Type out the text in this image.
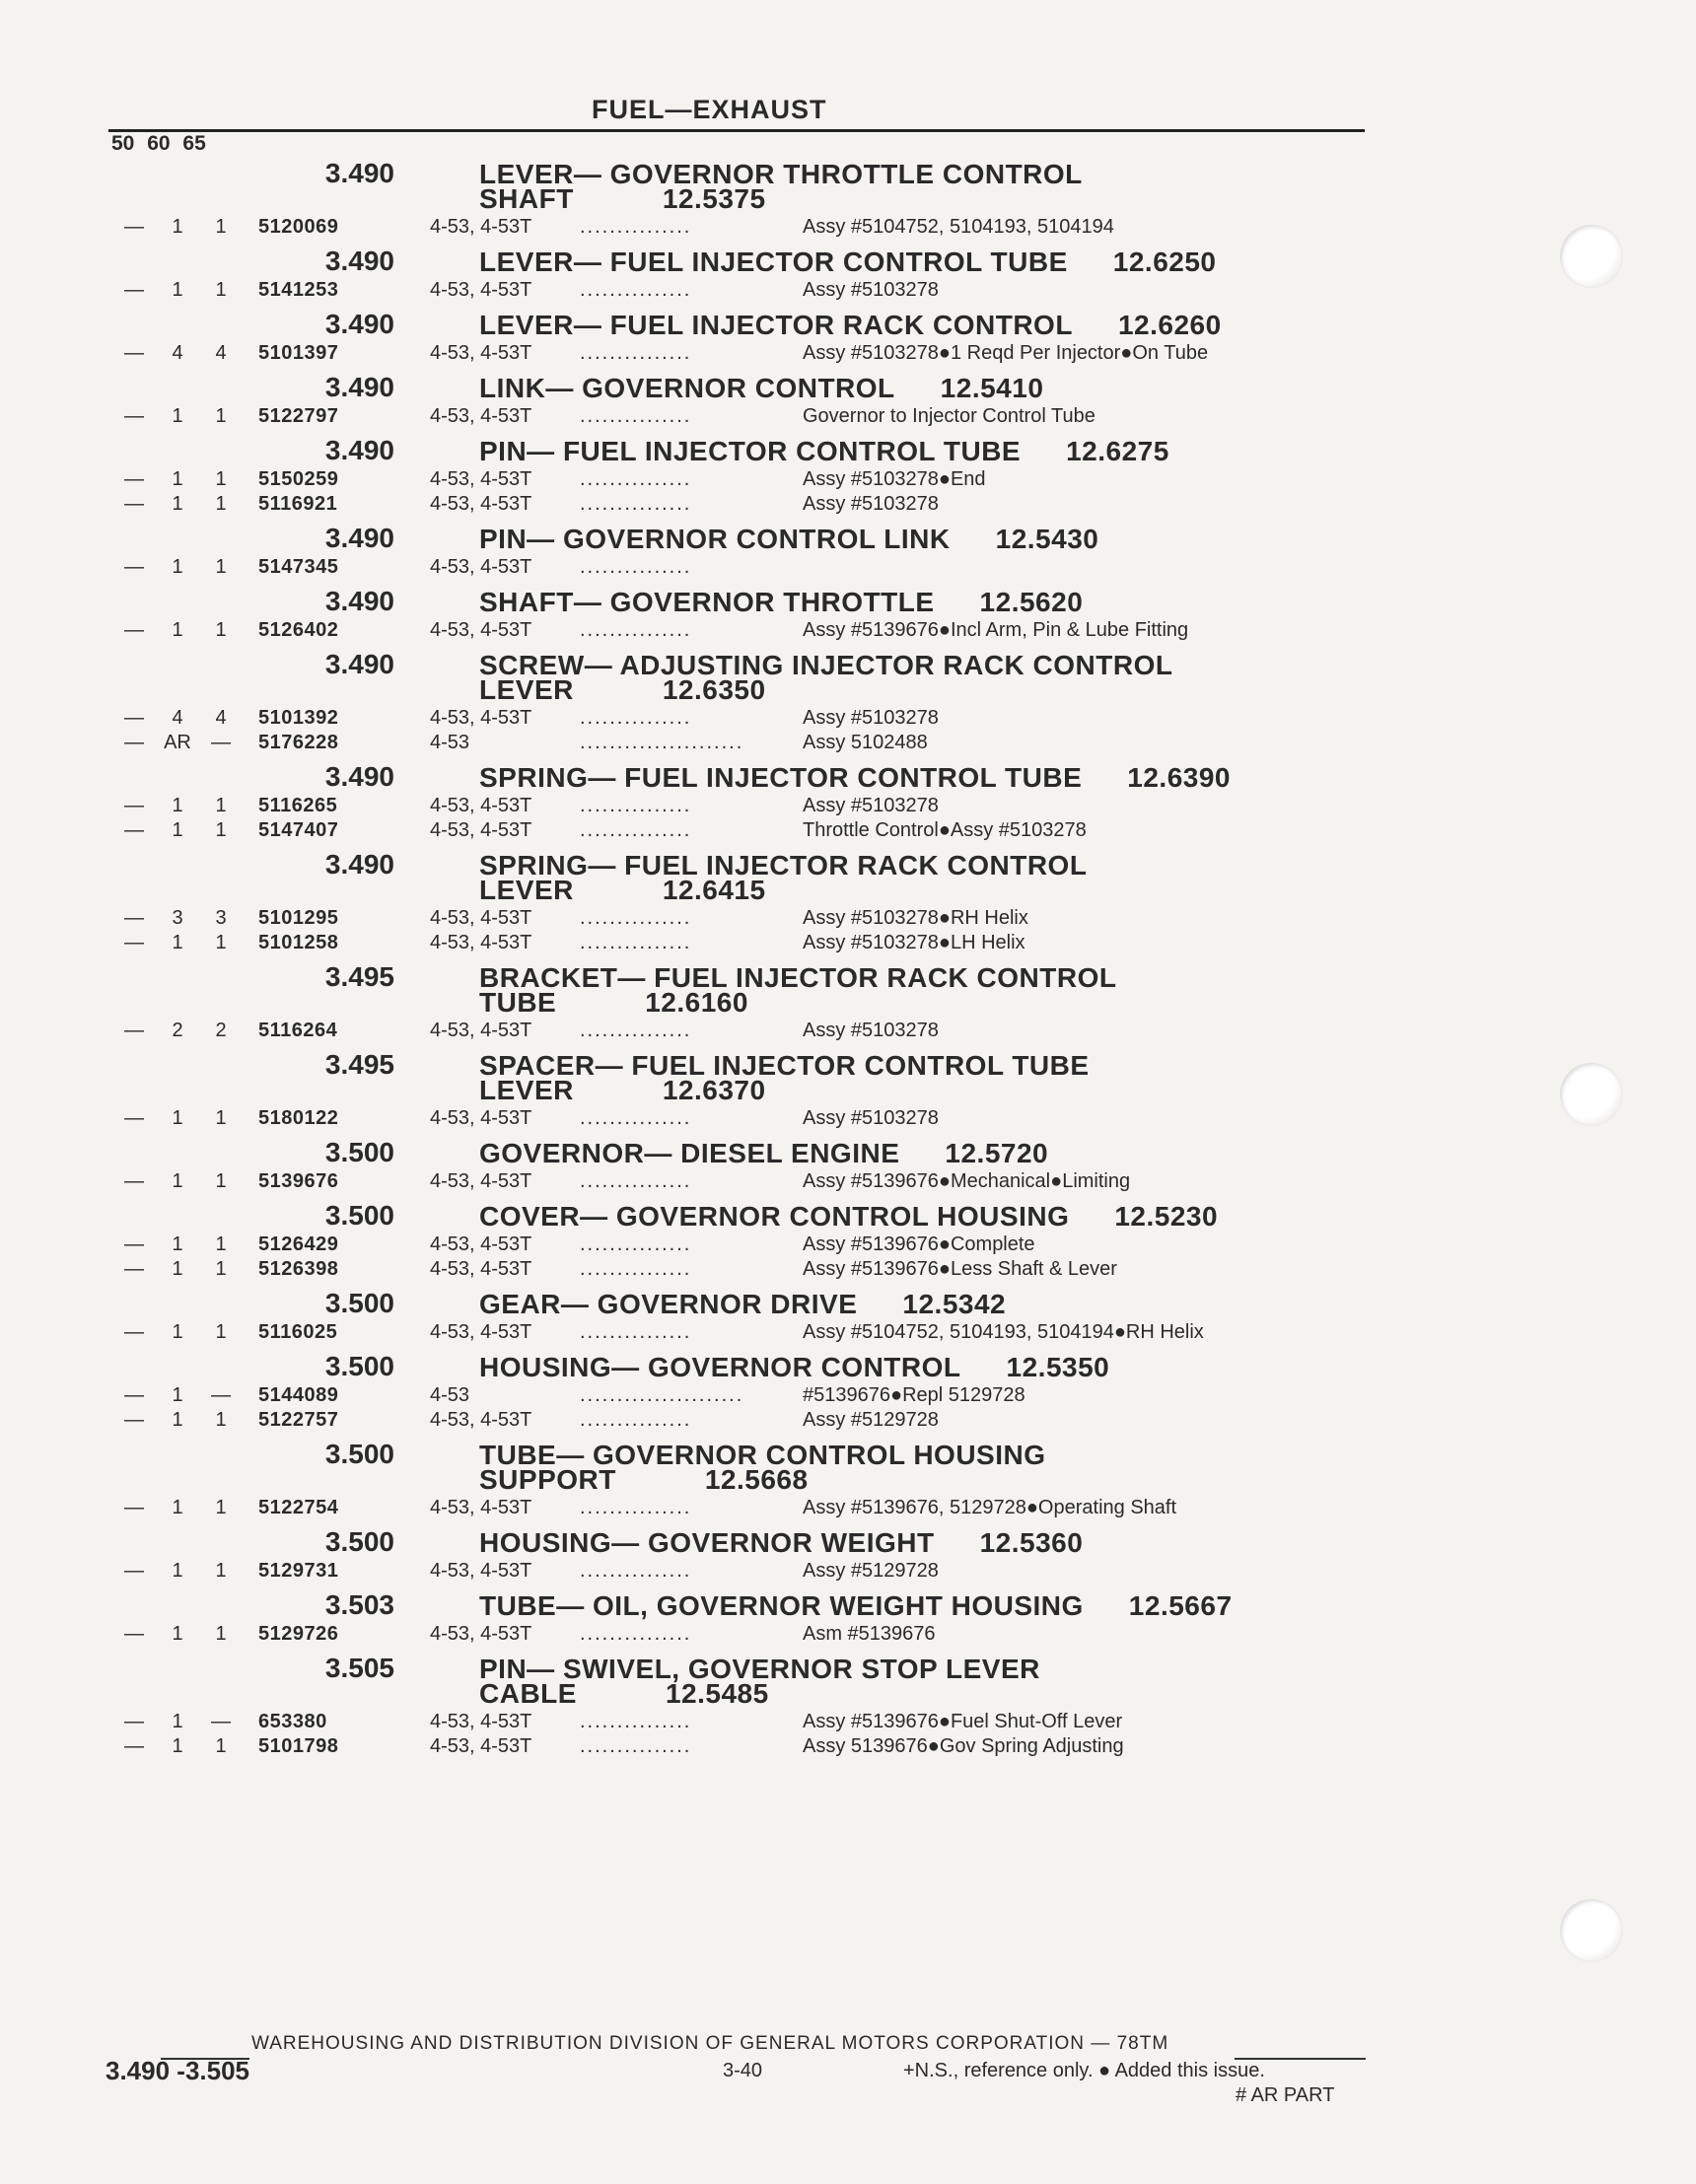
FUEL—EXHAUST
50 60 65
3.490	LEVER— GOVERNOR THROTTLE CONTROL
SHAFT	12.5375
—	1	1	5120069	4-53, 4-53T	...............	Assy #5104752, 5104193, 5104194
3.490	LEVER— FUEL INJECTOR CONTROL TUBE 12.6250
—	1	1	5141253	4-53, 4-53T	...............	Assy #5103278
3.490	LEVER— FUEL INJECTOR RACK CONTROL 12.6260
—	4	4	5101397	4-53, 4-53T	...............	Assy #5103278●1 Reqd Per Injector●On Tube
3.490	LINK— GOVERNOR CONTROL 12.5410
—	1	1	5122797	4-53, 4-53T	...............	Governor to Injector Control Tube
3.490	PIN— FUEL INJECTOR CONTROL TUBE 12.6275
—	1	1	5150259	4-53, 4-53T	...............	Assy #5103278●End
—	1	1	5116921	4-53, 4-53T	...............	Assy #5103278
3.490	PIN— GOVERNOR CONTROL LINK 12.5430
—	1	1	5147345	4-53, 4-53T	...............
3.490	SHAFT— GOVERNOR THROTTLE 12.5620
—	1	1	5126402	4-53, 4-53T	...............	Assy #5139676●Incl Arm, Pin & Lube Fitting
3.490	SCREW— ADJUSTING INJECTOR RACK CONTROL
LEVER	12.6350
—	4	4	5101392	4-53, 4-53T	...............	Assy #5103278
—	AR	—	5176228	4-53	......................	Assy 5102488
3.490	SPRING— FUEL INJECTOR CONTROL TUBE 12.6390
—	1	1	5116265	4-53, 4-53T	...............	Assy #5103278
—	1	1	5147407	4-53, 4-53T	...............	Throttle Control●Assy #5103278
3.490	SPRING— FUEL INJECTOR RACK CONTROL
LEVER	12.6415
—	3	3	5101295	4-53, 4-53T	...............	Assy #5103278●RH Helix
—	1	1	5101258	4-53, 4-53T	...............	Assy #5103278●LH Helix
3.495	BRACKET— FUEL INJECTOR RACK CONTROL
TUBE	12.6160
—	2	2	5116264	4-53, 4-53T	...............	Assy #5103278
3.495	SPACER— FUEL INJECTOR CONTROL TUBE
LEVER	12.6370
—	1	1	5180122	4-53, 4-53T	...............	Assy #5103278
3.500	GOVERNOR— DIESEL ENGINE 12.5720
—	1	1	5139676	4-53, 4-53T	...............	Assy #5139676●Mechanical●Limiting
3.500	COVER— GOVERNOR CONTROL HOUSING 12.5230
—	1	1	5126429	4-53, 4-53T	...............	Assy #5139676●Complete
—	1	1	5126398	4-53, 4-53T	...............	Assy #5139676●Less Shaft & Lever
3.500	GEAR— GOVERNOR DRIVE 12.5342
—	1	1	5116025	4-53, 4-53T	...............	Assy #5104752, 5104193, 5104194●RH Helix
3.500	HOUSING— GOVERNOR CONTROL 12.5350
—	1	—	5144089	4-53	......................	#5139676●Repl 5129728
—	1	1	5122757	4-53, 4-53T	...............	Assy #5129728
3.500	TUBE— GOVERNOR CONTROL HOUSING
SUPPORT	12.5668
—	1	1	5122754	4-53, 4-53T	...............	Assy #5139676, 5129728●Operating Shaft
3.500	HOUSING— GOVERNOR WEIGHT 12.5360
—	1	1	5129731	4-53, 4-53T	...............	Assy #5129728
3.503	TUBE— OIL, GOVERNOR WEIGHT HOUSING 12.5667
—	1	1	5129726	4-53, 4-53T	...............	Asm #5139676
3.505	PIN— SWIVEL, GOVERNOR STOP LEVER
CABLE	12.5485
—	1	—	653380	4-53, 4-53T	...............	Assy #5139676●Fuel Shut-Off Lever
—	1	1	5101798	4-53, 4-53T	...............	Assy 5139676●Gov Spring Adjusting
WAREHOUSING AND DISTRIBUTION DIVISION OF GENERAL MOTORS CORPORATION — 78TM
3.490 -3.505	3-40	+N.S., reference only. ● Added this issue.
# AR PART
